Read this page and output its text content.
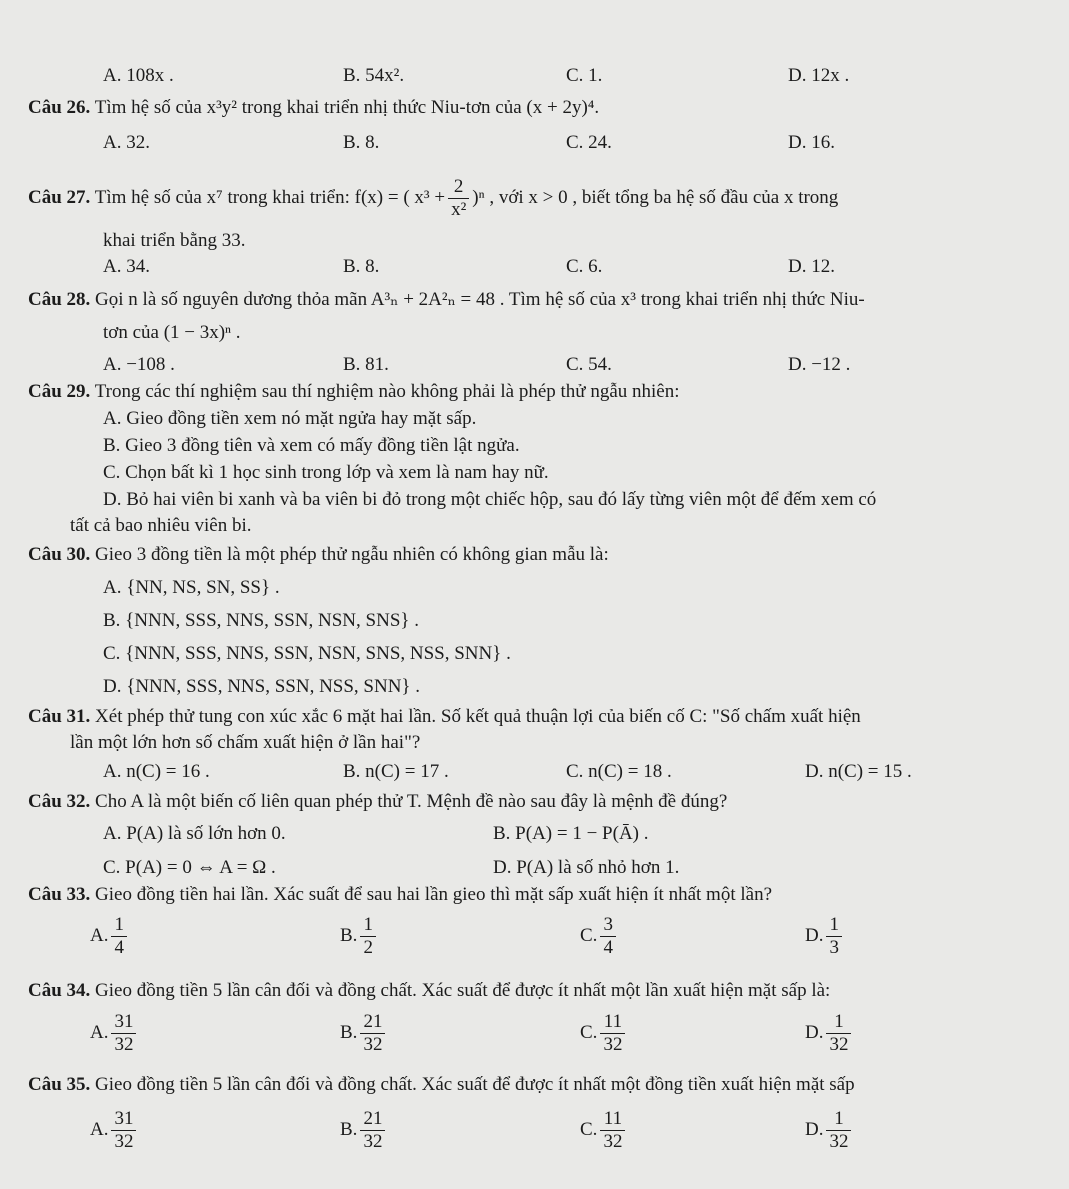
A. 108x .	B. 54x².	C. 1.	D. 12x .
Câu 26. Tìm hệ số của x³y² trong khai triển nhị thức Niu-tơn của (x + 2y)⁴.
A. 32.	B. 8.	C. 24.	D. 16.
Câu 27. Tìm hệ số của x⁷ trong khai triển: f(x) = ( $x^3 + \frac{2}{\text{x²}} )^n$ , với x > 0 , biết tổng ba hệ số đầu của x trong
khai triển bằng 33.
A. 34.	B. 8.	C. 6.	D. 12.
Câu 28. Gọi n là số nguyên dương thỏa mãn A³ₙ + 2A²ₙ = 48 . Tìm hệ số của x³ trong khai triển nhị thức Niu-
tơn của (1 − 3x)ⁿ .
A. −108 .	B. 81.	C. 54.	D. −12 .
Câu 29. Trong các thí nghiệm sau thí nghiệm nào không phải là phép thử ngẫu nhiên:
A. Gieo đồng tiền xem nó mặt ngửa hay mặt sấp.
B. Gieo 3 đồng tiên và xem có mấy đồng tiền lật ngửa.
C. Chọn bất kì 1 học sinh trong lớp và xem là nam hay nữ.
D. Bỏ hai viên bi xanh và ba viên bi đỏ trong một chiếc hộp, sau đó lấy từng viên một để đếm xem có
tất cả bao nhiêu viên bi.
Câu 30. Gieo 3 đồng tiền là một phép thử ngẫu nhiên có không gian mẫu là:
A. {NN, NS, SN, SS} .
B. {NNN, SSS, NNS, SSN, NSN, SNS} .
C. {NNN, SSS, NNS, SSN, NSN, SNS, NSS, SNN} .
D. {NNN, SSS, NNS, SSN, NSS, SNN} .
Câu 31. Xét phép thử tung con xúc xắc 6 mặt hai lần. Số kết quả thuận lợi của biến cố C: "Số chấm xuất hiện
lần một lớn hơn số chấm xuất hiện ở lần hai"?
A. n(C) = 16 .	B. n(C) = 17 .	C. n(C) = 18 .	D. n(C) = 15 .
Câu 32. Cho A là một biến cố liên quan phép thử T. Mệnh đề nào sau đây là mệnh đề đúng?
A. P(A) là số lớn hơn 0.	B. P(A) = 1 − P(Ā) .
C. P(A) = 0 ⇔ A = Ω .	D. P(A) là số nhỏ hơn 1.
Câu 33. Gieo đồng tiền hai lần. Xác suất để sau hai lần gieo thì mặt sấp xuất hiện ít nhất một lần?
A. $\frac{1}{4}$	B. $\frac{1}{2}$	C. $\frac{3}{4}$	D. $\frac{1}{3}$
Câu 34. Gieo đồng tiền 5 lần cân đối và đồng chất. Xác suất để được ít nhất một lần xuất hiện mặt sấp là:
A. $\frac{31}{32}$	B. $\frac{21}{32}$	C. $\frac{11}{32}$	D. $\frac{1}{32}$
Câu 35. Gieo đồng tiền 5 lần cân đối và đồng chất. Xác suất để được ít nhất một đồng tiền xuất hiện mặt sấp
A. $\frac{31}{32}$	B. $\frac{21}{32}$	C. $\frac{11}{32}$	D. $\frac{1}{32}$
